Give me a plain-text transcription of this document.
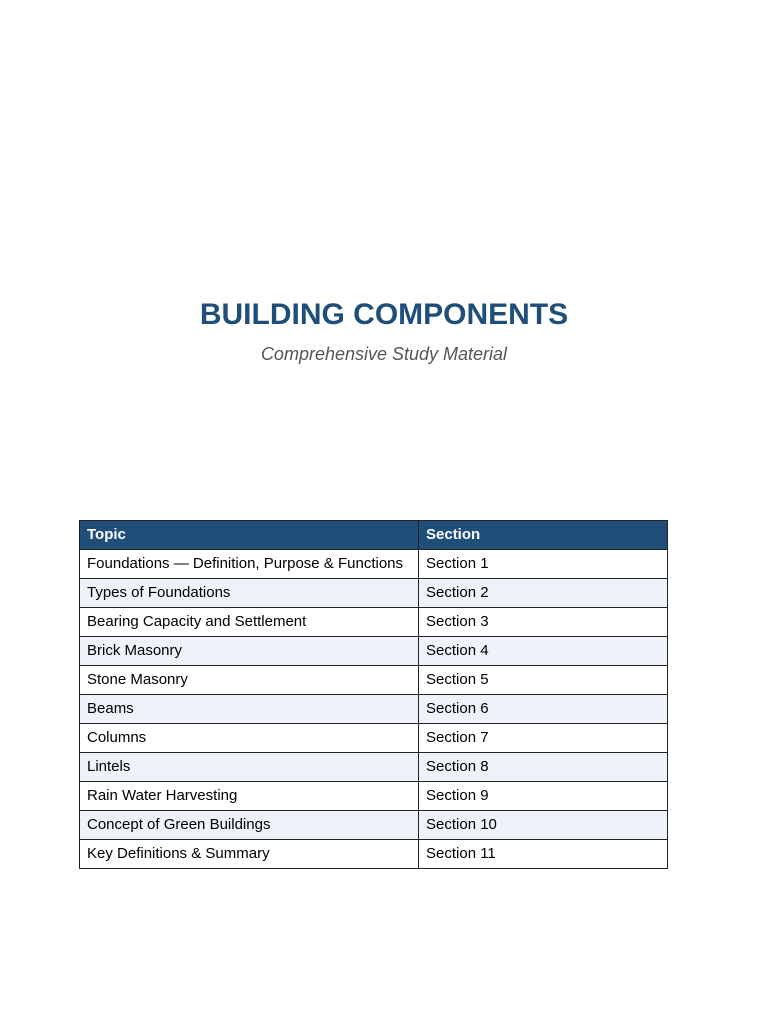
BUILDING COMPONENTS

Comprehensive Study Material

Topic	Section
Foundations — Definition, Purpose & Functions	Section 1
Types of Foundations	Section 2
Bearing Capacity and Settlement	Section 3
Brick Masonry	Section 4
Stone Masonry	Section 5
Beams	Section 6
Columns	Section 7
Lintels	Section 8
Rain Water Harvesting	Section 9
Concept of Green Buildings	Section 10
Key Definitions & Summary	Section 11
